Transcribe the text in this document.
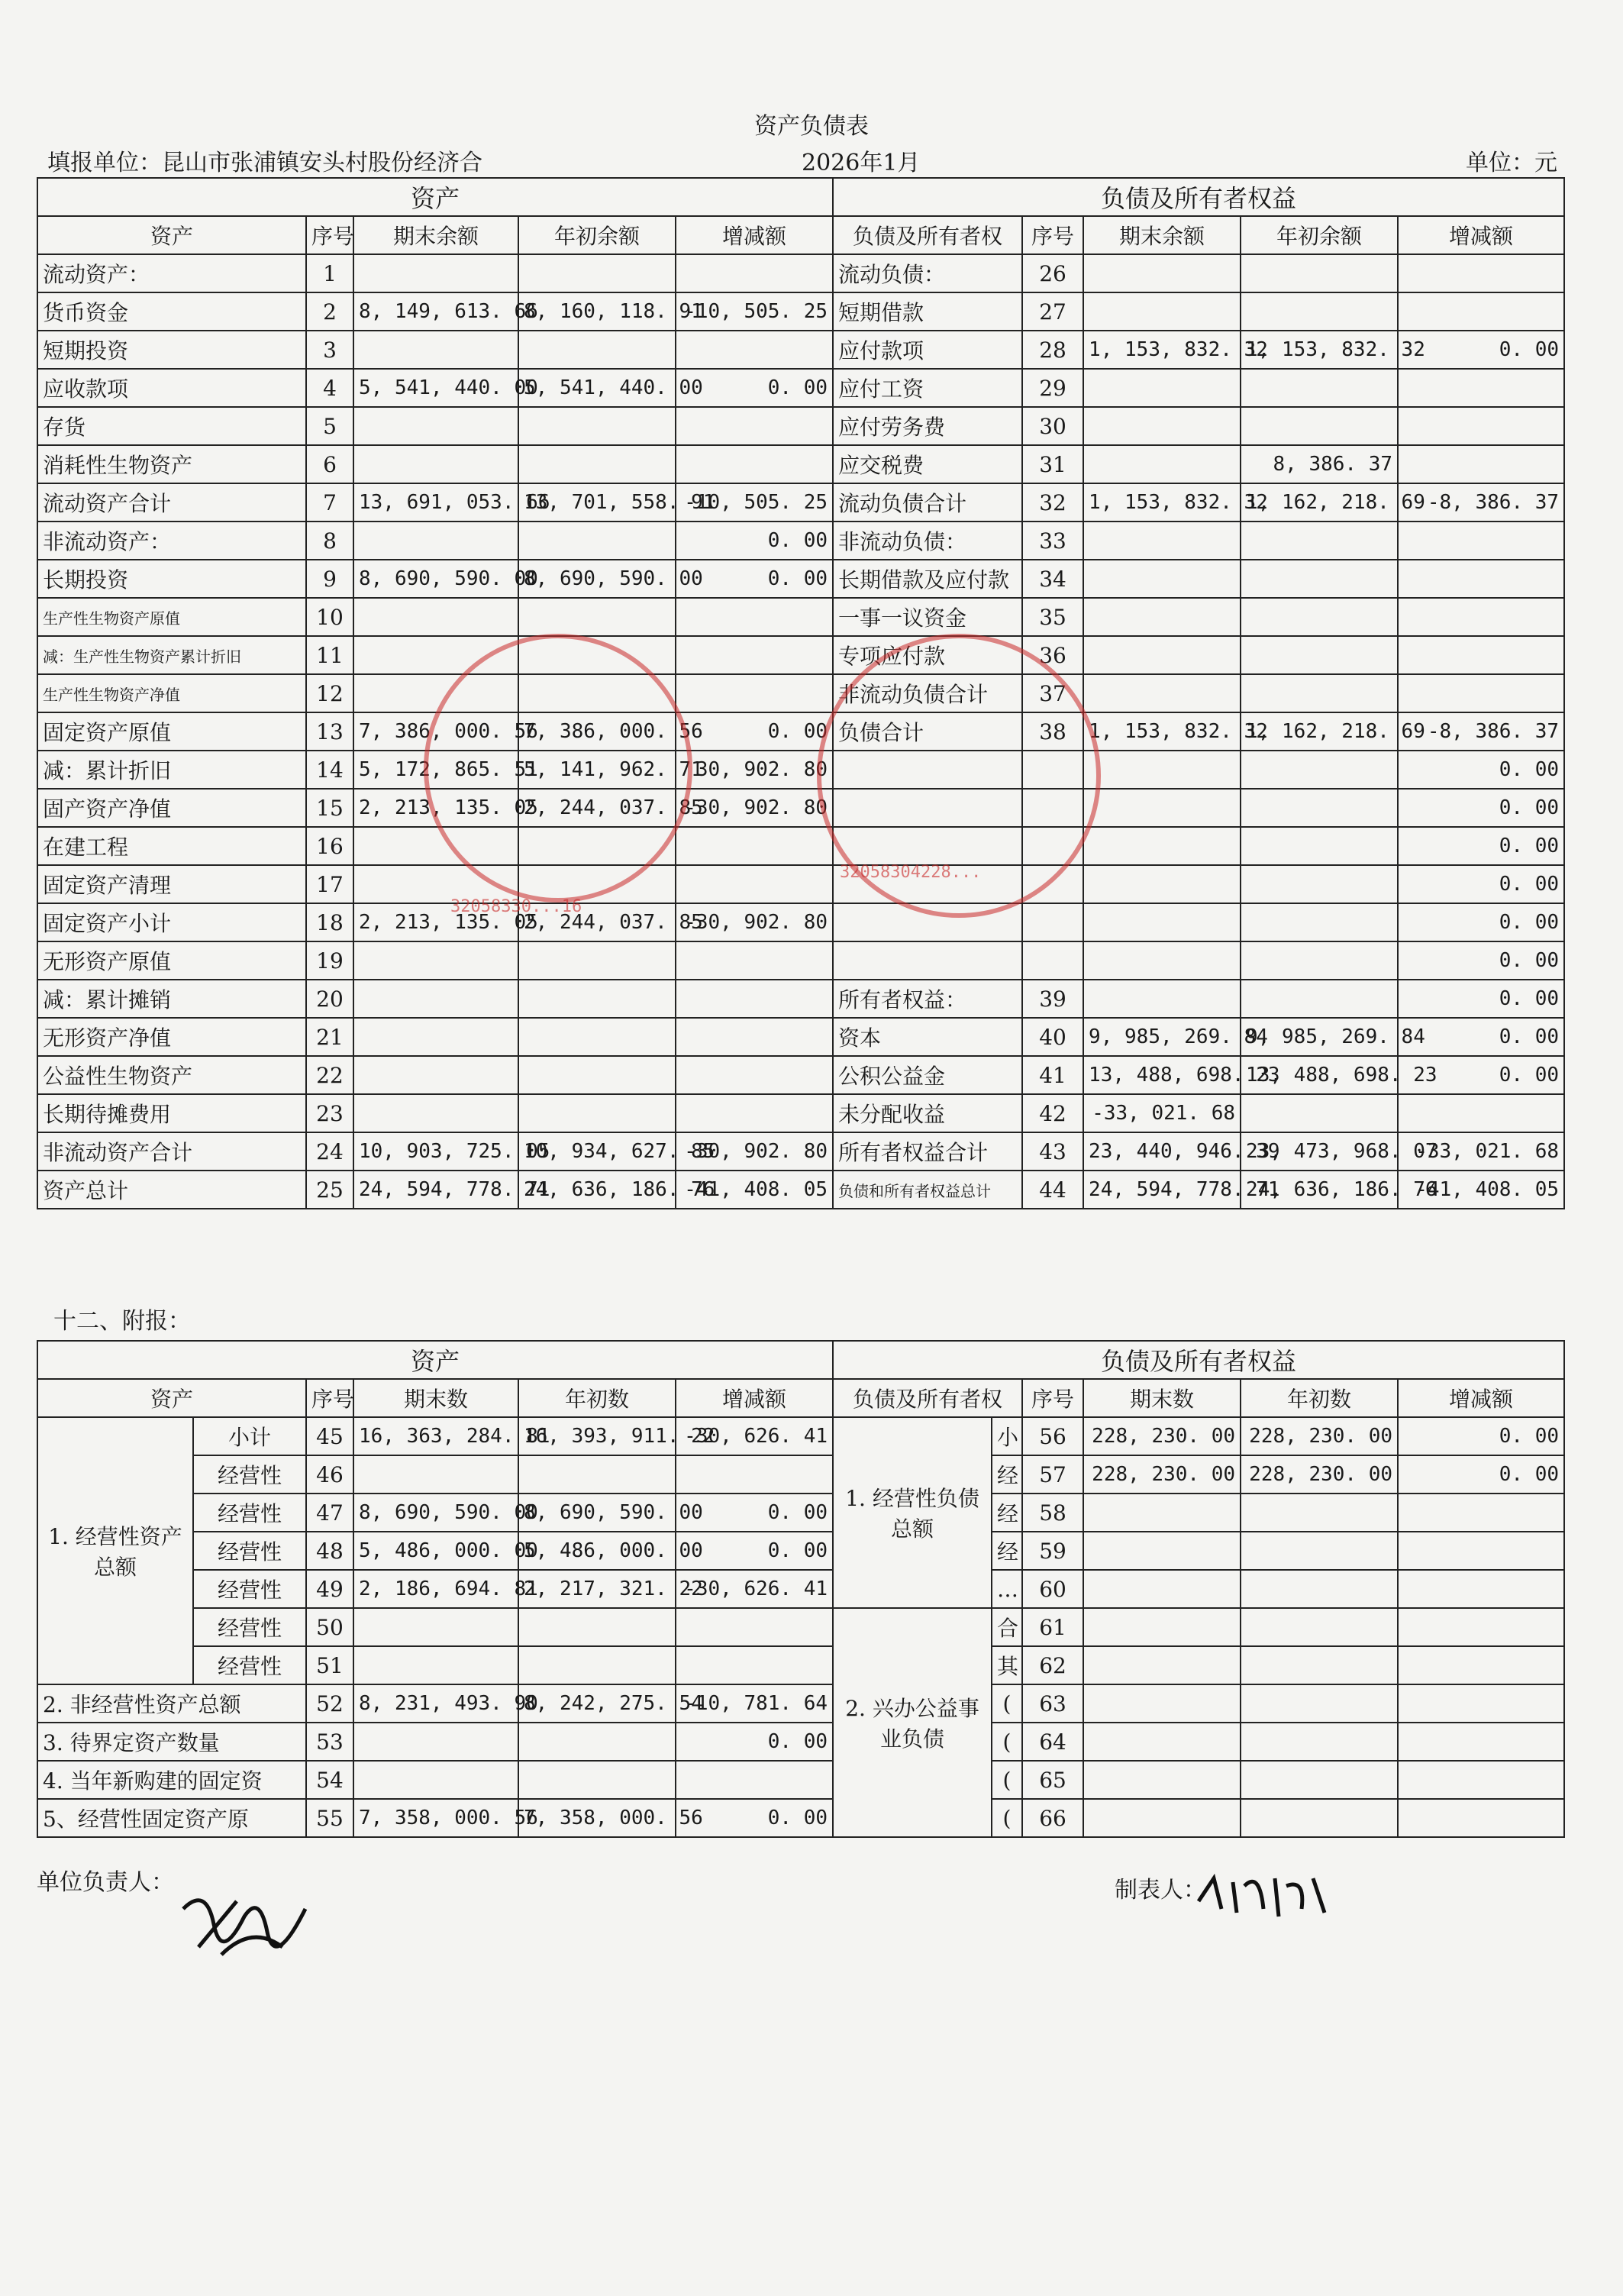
资产负债表
填报单位：昆山市张浦镇安头村股份经济合	2026年1月	单位：元
资产					负债及所有者权益				
资产	序号	期末余额	年初余额	增减额	负债及所有者权	序号	期末余额	年初余额	增减额
流动资产：	1				流动负债：	26			
货币资金	2	8, 149, 613. 66	8, 160, 118. 91	-10, 505. 25	短期借款	27			
短期投资	3				应付款项	28	1, 153, 832. 32	1, 153, 832. 32	0. 00
应收款项	4	5, 541, 440. 00	5, 541, 440. 00	0. 00	应付工资	29			
存货	5				应付劳务费	30			
消耗性生物资产	6				应交税费	31		8, 386. 37	
流动资产合计	7	13, 691, 053. 66	13, 701, 558. 91	-10, 505. 25	流动负债合计	32	1, 153, 832. 32	1, 162, 218. 69	-8, 386. 37
非流动资产：	8			0. 00	非流动负债：	33			
长期投资	9	8, 690, 590. 00	8, 690, 590. 00	0. 00	长期借款及应付款	34			
生产性生物资产原值	10				一事一议资金	35			
减：生产性生物资产累计折旧	11				专项应付款	36			
生产性生物资产净值	12				非流动负债合计	37			
固定资产原值	13	7, 386, 000. 56	7, 386, 000. 56	0. 00	负债合计	38	1, 153, 832. 32	1, 162, 218. 69	-8, 386. 37
减：累计折旧	14	5, 172, 865. 51	5, 141, 962. 71	30, 902. 80					0. 00
固产资产净值	15	2, 213, 135. 05	2, 244, 037. 85	-30, 902. 80					0. 00
在建工程	16								0. 00
固定资产清理	17								0. 00
固定资产小计	18	2, 213, 135. 05	2, 244, 037. 85	-30, 902. 80					0. 00
无形资产原值	19								0. 00
减：累计摊销	20				所有者权益：	39			0. 00
无形资产净值	21				资本	40	9, 985, 269. 84	9, 985, 269. 84	0. 00
公益性生物资产	22				公积公益金	41	13, 488, 698. 23	13, 488, 698. 23	0. 00
长期待摊费用	23				未分配收益	42	-33, 021. 68		
非流动资产合计	24	10, 903, 725. 05	10, 934, 627. 85	-30, 902. 80	所有者权益合计	43	23, 440, 946. 39	23, 473, 968. 07	-33, 021. 68
资产总计	25	24, 594, 778. 71	24, 636, 186. 76	-41, 408. 05	负债和所有者权益总计	44	24, 594, 778. 71	24, 636, 186. 76	-41, 408. 05
十二、附报：
资产						负债及所有者权益					
资产		序号	期末数	年初数	增减额	负债及所有者权		序号	期末数	年初数	增减额
1. 经营性资产总额	小计	45	16, 363, 284. 81	16, 393, 911. 22	-30, 626. 41	1. 经营性负债总额	小	56	228, 230. 00	228, 230. 00	0. 00
	经营性	46					经	57	228, 230. 00	228, 230. 00	0. 00
	经营性	47	8, 690, 590. 00	8, 690, 590. 00	0. 00		经	58			
	经营性	48	5, 486, 000. 00	5, 486, 000. 00	0. 00		经	59			
	经营性	49	2, 186, 694. 81	2, 217, 321. 22	-30, 626. 41		…	60			
	经营性	50				2. 兴办公益事业负债	合	61			
	经营性	51					其	62			
2. 非经营性资产总额		52	8, 231, 493. 90	8, 242, 275. 54	-10, 781. 64		(	63			
3. 待界定资产数量		53			0. 00		(	64			
4. 当年新购建的固定资		54					(	65			
5、经营性固定资产原		55	7, 358, 000. 56	7, 358, 000. 56	0. 00		(	66			
单位负责人：	制表人：
32058330...16
32058304228...
